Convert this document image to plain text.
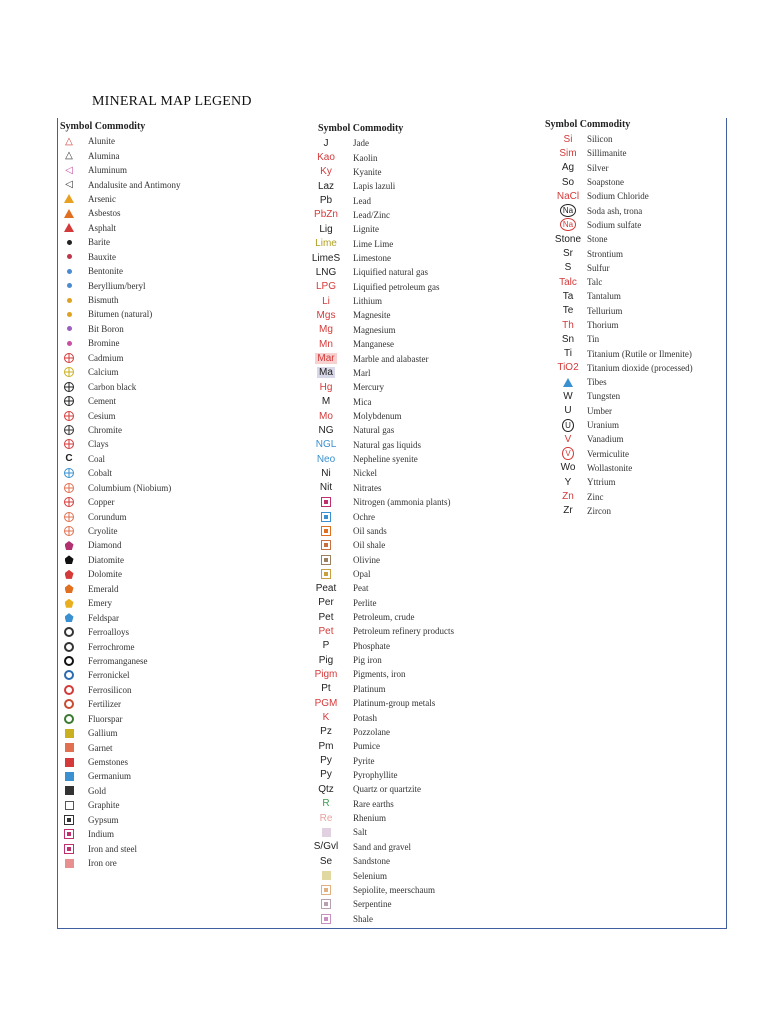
MINERAL MAP LEGEND
Symbol Commodity
△ Alunite
△ Alumina
◁ Aluminum
◁ Andalusite and Antimony
Arsenic
Asbestos
Asphalt
Barite
Bauxite
Bentonite
Beryllium/beryl
Bismuth
Bitumen (natural)
Bit Boron
Bromine
Cadmium
Calcium
Carbon black
Cement
Cesium
Chromite
Clays
C Coal
Cobalt
Columbium (Niobium)
Copper
Corundum
Cryolite
Diamond
Diatomite
Dolomite
Emerald
Emery
Feldspar
Ferroalloys
Ferrochrome
Ferromanganese
Ferronickel
Ferrosilicon
Fertilizer
Fluorspar
Gallium
Garnet
Gemstones
Germanium
Gold
Graphite
Gypsum
Indium
Iron and steel
Iron ore
Symbol Commodity
J	Jade
Kao Kaolin
Ky Kyanite
Laz Lapis lazuli
Pb Lead
PbZn Lead/Zinc
Lig Lignite
Lime Lime Lime
LimeS Limestone
LNG Liquified natural gas
LPG Liquified petroleum gas
Li	Lithium
Mgs Magnesite
Mg Magnesium
Mn Manganese
Mar Marble and alabaster
Ma Marl
Hg Mercury
M	Mica
Mo Molybdenum
NG Natural gas
NGL Natural gas liquids
Neo Nepheline syenite
Ni Nickel
Nit Nitrates
Nitrogen (ammonia plants)
Ochre
Oil sands
Oil shale
Olivine
Opal
Peat Peat
Per Perlite
Pet Petroleum, crude
Pet Petroleum refinery products
P	Phosphate
Pig Pig iron
Pigm Pigments, iron
Pt Platinum
PGM Platinum-group metals
K	Potash
Pz Pozzolane
Pm Pumice
Py Pyrite
Py Pyrophyllite
Qtz Quartz or quartzite
R	Rare earths
Re Rhenium
Salt
S/Gvl Sand and gravel
Se Sandstone
Selenium
Sepiolite, meerschaum
Serpentine
Shale
Symbol Commodity
Si Silicon
Sim Sillimanite
Ag Silver
So Soapstone
NaCl Sodium Chloride
Na	Soda ash, trona
Na	Sodium sulfate
Stone Stone
Sr Strontium
S Sulfur
Talc Talc
Ta Tantalum
Te Tellurium
Th Thorium
Sn Tin
Ti Titanium (Rutile or Ilmenite)
TiO2 Titanium dioxide (processed)
Tibes
W Tungsten
U Umber
U	Uranium
V Vanadium
V	Vermiculite
Wo Wollastonite
Y Yttrium
Zn Zinc
Zr Zircon
